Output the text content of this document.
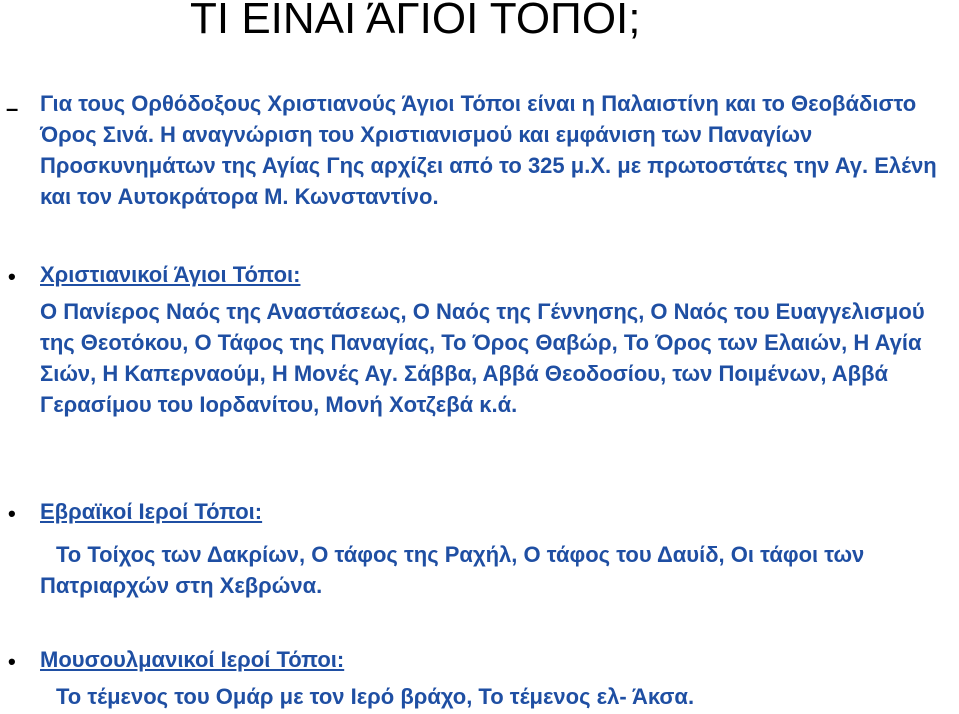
ΤΙ ΕΙΝΑΙ ΆΓΙΟΙ ΤΟΠΟΙ;
– Για τους Ορθόδοξους Χριστιανούς Άγιοι Τόποι είναι η Παλαιστίνη και το Θεοβάδιστο Όρος Σινά. Η αναγνώριση του Χριστιανισμού και εμφάνιση των Παναγίων Προσκυνημάτων της Αγίας Γης αρχίζει από το 325 μ.Χ. με πρωτοστάτες την Αγ. Ελένη και τον Αυτοκράτορα Μ. Κωνσταντίνο.

• Χριστιανικοί Άγιοι Τόποι:

Ο Πανίερος Ναός της Αναστάσεως, Ο Ναός της Γέννησης, Ο Ναός του Ευαγγελισμού της Θεοτόκου, Ο Τάφος της Παναγίας, Το Όρος Θαβώρ, Το Όρος των Ελαιών, Η Αγία Σιών, Η Καπερναούμ, Η Μονές Αγ. Σάββα, Αββά Θεοδοσίου, των Ποιμένων, Αββά Γερασίμου του Ιορδανίτου, Μονή Χοτζεβά κ.ά.

• Εβραϊκοί Ιεροί Τόποι:

Το Τοίχος των Δακρίων, Ο τάφος της Ραχήλ, Ο τάφος του Δαυίδ, Οι τάφοι των Πατριαρχών στη Χεβρώνα.

• Μουσουλμανικοί Ιεροί Τόποι:

Το τέμενος του Ομάρ με τον Ιερό βράχο, Το τέμενος ελ- Άκσα.
